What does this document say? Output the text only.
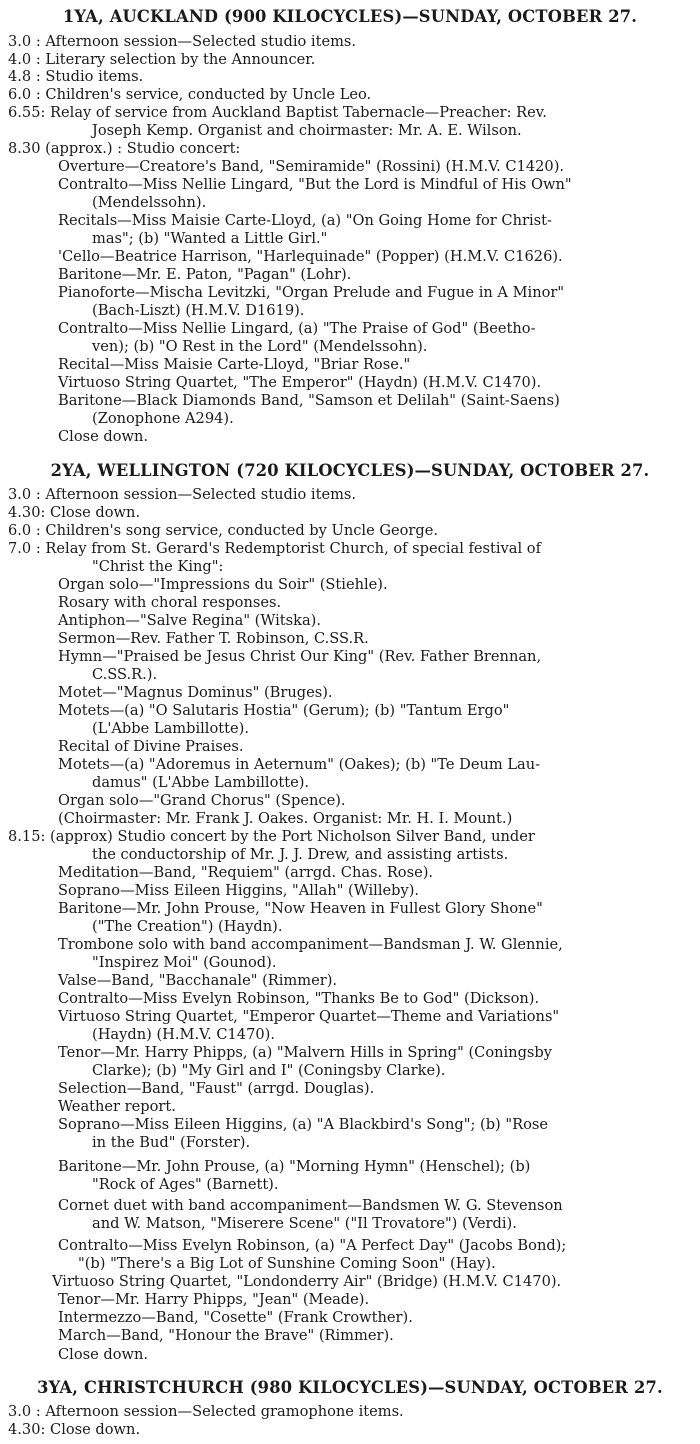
1YA, AUCKLAND (900 KILOCYCLES)—SUNDAY, OCTOBER 27.
3.0 : Afternoon session—Selected studio items.
4.0 : Literary selection by the Announcer.
4.8 : Studio items.
6.0 : Children's service, conducted by Uncle Leo.
6.55: Relay of service from Auckland Baptist Tabernacle—Preacher: Rev.
Joseph Kemp. Organist and choirmaster: Mr. A. E. Wilson.
8.30 (approx.) : Studio concert:
Overture—Creatore's Band, "Semiramide" (Rossini) (H.M.V. C1420).
Contralto—Miss Nellie Lingard, "But the Lord is Mindful of His Own"
(Mendelssohn).
Recitals—Miss Maisie Carte-Lloyd, (a) "On Going Home for Christ-
mas"; (b) "Wanted a Little Girl."
'Cello—Beatrice Harrison, "Harlequinade" (Popper) (H.M.V. C1626).
Baritone—Mr. E. Paton, "Pagan" (Lohr).
Pianoforte—Mischa Levitzki, "Organ Prelude and Fugue in A Minor"
(Bach-Liszt) (H.M.V. D1619).
Contralto—Miss Nellie Lingard, (a) "The Praise of God" (Beetho-
ven); (b) "O Rest in the Lord" (Mendelssohn).
Recital—Miss Maisie Carte-Lloyd, "Briar Rose."
Virtuoso String Quartet, "The Emperor" (Haydn) (H.M.V. C1470).
Baritone—Black Diamonds Band, "Samson et Delilah" (Saint-Saens)
(Zonophone A294).
Close down.
2YA, WELLINGTON (720 KILOCYCLES)—SUNDAY, OCTOBER 27.
3.0 : Afternoon session—Selected studio items.
4.30: Close down.
6.0 : Children's song service, conducted by Uncle George.
7.0 : Relay from St. Gerard's Redemptorist Church, of special festival of
"Christ the King":
Organ solo—"Impressions du Soir" (Stiehle).
Rosary with choral responses.
Antiphon—"Salve Regina" (Witska).
Sermon—Rev. Father T. Robinson, C.SS.R.
Hymn—"Praised be Jesus Christ Our King" (Rev. Father Brennan,
C.SS.R.).
Motet—"Magnus Dominus" (Bruges).
Motets—(a) "O Salutaris Hostia" (Gerum); (b) "Tantum Ergo"
(L'Abbe Lambillotte).
Recital of Divine Praises.
Motets—(a) "Adoremus in Aeternum" (Oakes); (b) "Te Deum Lau-
damus" (L'Abbe Lambillotte).
Organ solo—"Grand Chorus" (Spence).
(Choirmaster: Mr. Frank J. Oakes. Organist: Mr. H. I. Mount.)
8.15: (approx) Studio concert by the Port Nicholson Silver Band, under
the conductorship of Mr. J. J. Drew, and assisting artists.
Meditation—Band, "Requiem" (arrgd. Chas. Rose).
Soprano—Miss Eileen Higgins, "Allah" (Willeby).
Baritone—Mr. John Prouse, "Now Heaven in Fullest Glory Shone"
("The Creation") (Haydn).
Trombone solo with band accompaniment—Bandsman J. W. Glennie,
"Inspirez Moi" (Gounod).
Valse—Band, "Bacchanale" (Rimmer).
Contralto—Miss Evelyn Robinson, "Thanks Be to God" (Dickson).
Virtuoso String Quartet, "Emperor Quartet—Theme and Variations"
(Haydn) (H.M.V. C1470).
Tenor—Mr. Harry Phipps, (a) "Malvern Hills in Spring" (Coningsby
Clarke); (b) "My Girl and I" (Coningsby Clarke).
Selection—Band, "Faust" (arrgd. Douglas).
Weather report.
Soprano—Miss Eileen Higgins, (a) "A Blackbird's Song"; (b) "Rose
in the Bud" (Forster).
Baritone—Mr. John Prouse, (a) "Morning Hymn" (Henschel); (b)
"Rock of Ages" (Barnett).
Cornet duet with band accompaniment—Bandsmen W. G. Stevenson
and W. Matson, "Miserere Scene" ("Il Trovatore") (Verdi).
Contralto—Miss Evelyn Robinson, (a) "A Perfect Day" (Jacobs Bond);
"(b) "There's a Big Lot of Sunshine Coming Soon" (Hay).
Virtuoso String Quartet, "Londonderry Air" (Bridge) (H.M.V. C1470).
Tenor—Mr. Harry Phipps, "Jean" (Meade).
Intermezzo—Band, "Cosette" (Frank Crowther).
March—Band, "Honour the Brave" (Rimmer).
Close down.
3YA, CHRISTCHURCH (980 KILOCYCLES)—SUNDAY, OCTOBER 27.
3.0 : Afternoon session—Selected gramophone items.
4.30: Close down.
